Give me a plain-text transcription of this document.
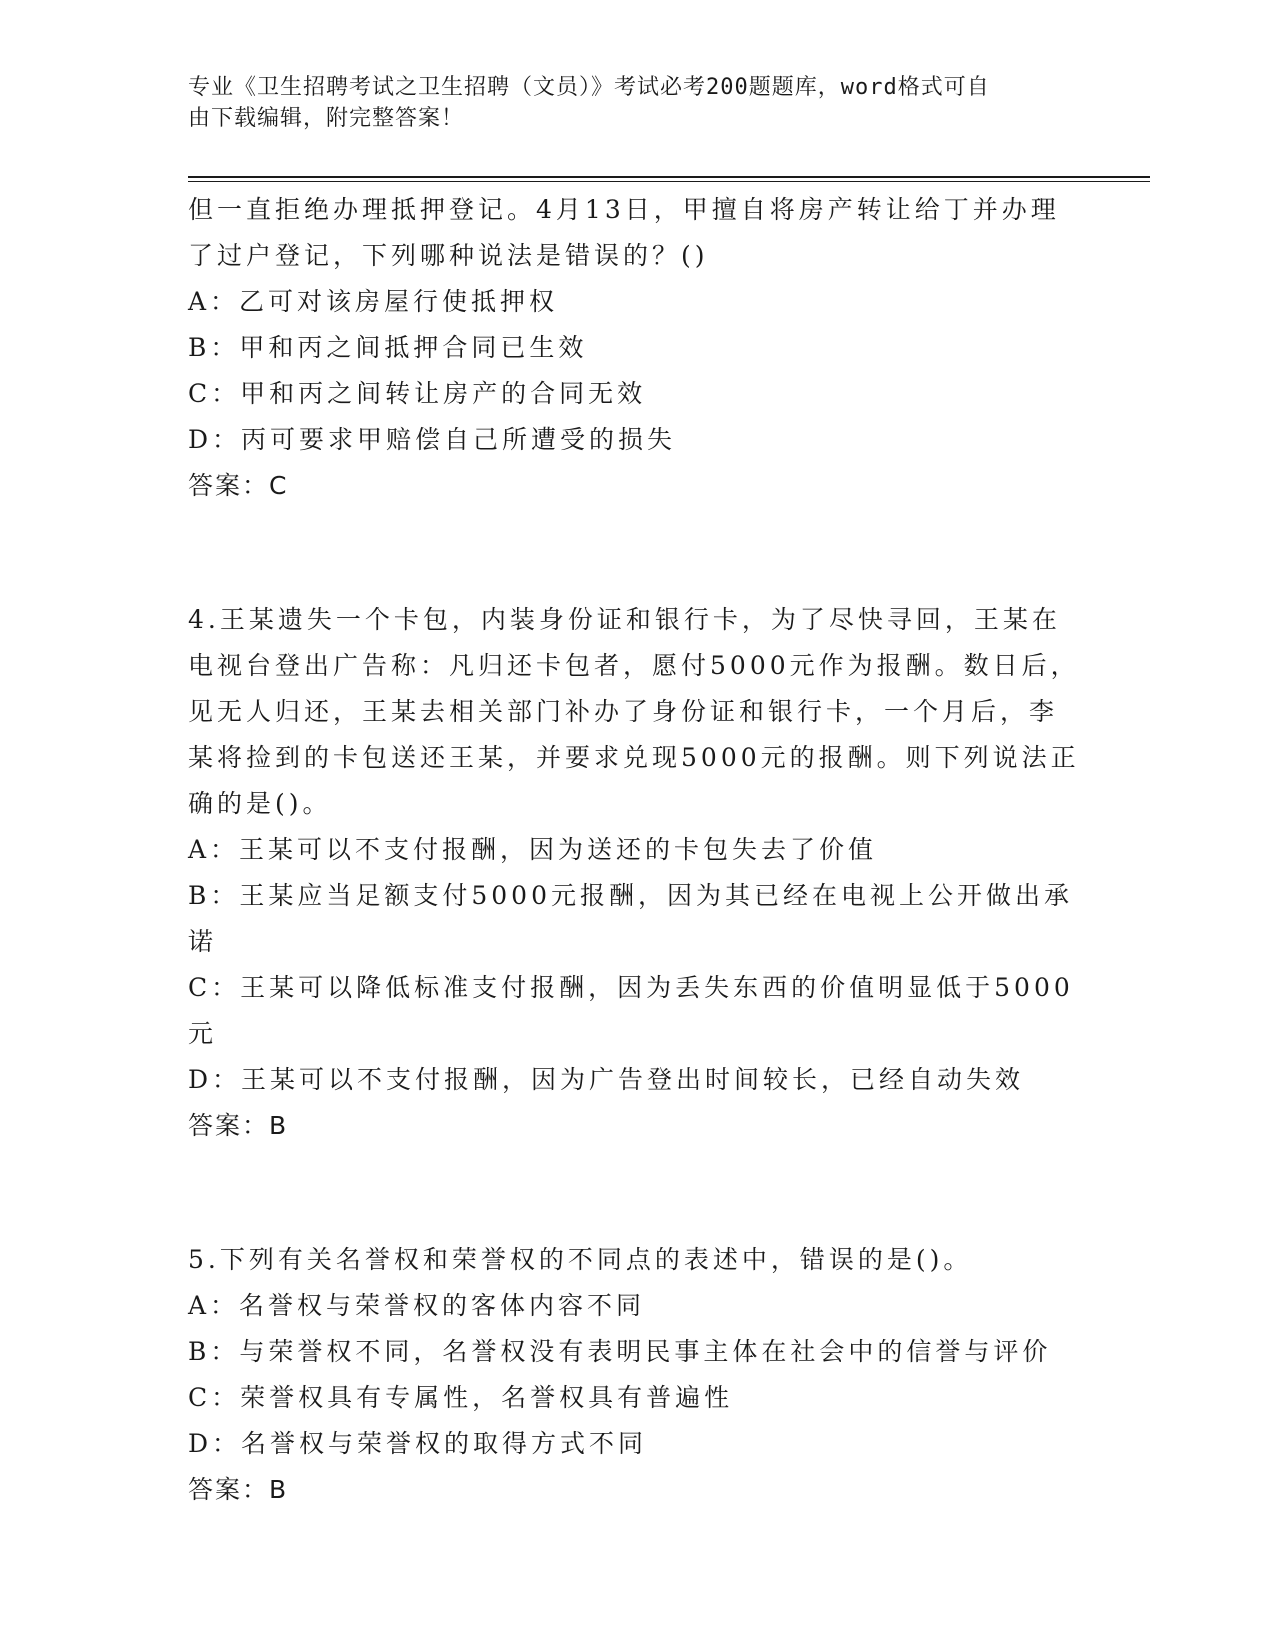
专业《卫生招聘考试之卫生招聘（文员）》考试必考200题题库，word格式可自
由下载编辑，附完整答案！
但一直拒绝办理抵押登记。4月13日，甲擅自将房产转让给丁并办理
了过户登记，下列哪种说法是错误的？()
A：乙可对该房屋行使抵押权
B：甲和丙之间抵押合同已生效
C：甲和丙之间转让房产的合同无效
D：丙可要求甲赔偿自己所遭受的损失
答案：C
4.王某遗失一个卡包，内装身份证和银行卡，为了尽快寻回，王某在
电视台登出广告称：凡归还卡包者，愿付5000元作为报酬。数日后，
见无人归还，王某去相关部门补办了身份证和银行卡，一个月后，李
某将捡到的卡包送还王某，并要求兑现5000元的报酬。则下列说法正
确的是()。
A：王某可以不支付报酬，因为送还的卡包失去了价值
B：王某应当足额支付5000元报酬，因为其已经在电视上公开做出承
诺
C：王某可以降低标准支付报酬，因为丢失东西的价值明显低于5000
元
D：王某可以不支付报酬，因为广告登出时间较长，已经自动失效
答案：B
5.下列有关名誉权和荣誉权的不同点的表述中，错误的是()。
A：名誉权与荣誉权的客体内容不同
B：与荣誉权不同，名誉权没有表明民事主体在社会中的信誉与评价
C：荣誉权具有专属性，名誉权具有普遍性
D：名誉权与荣誉权的取得方式不同
答案：B
